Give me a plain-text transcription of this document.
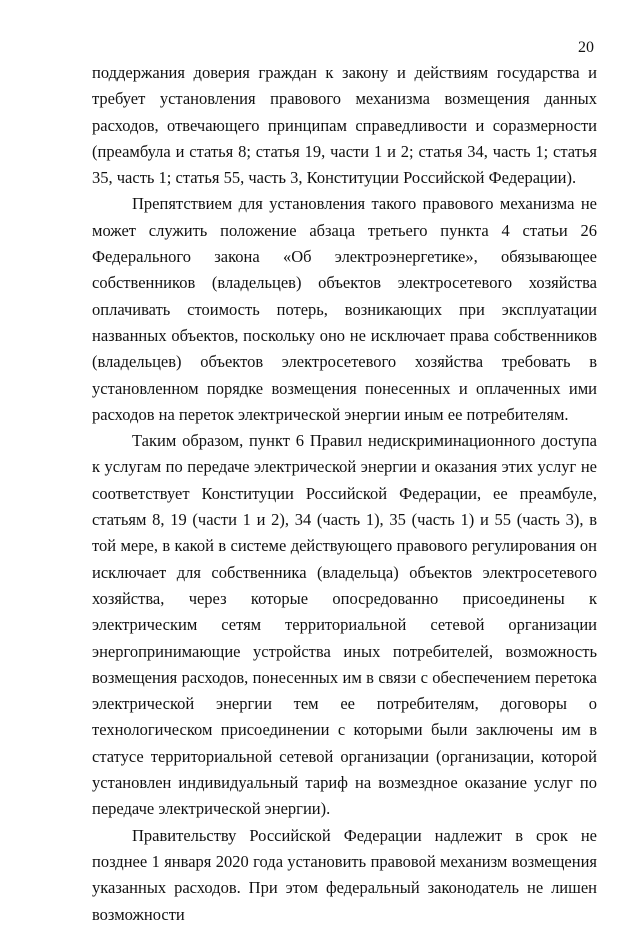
20

поддержания доверия граждан к закону и действиям государства и требует установления правового механизма возмещения данных расходов, отвечающего принципам справедливости и соразмерности (преамбула и статья 8; статья 19, части 1 и 2; статья 34, часть 1; статья 35, часть 1; статья 55, часть 3, Конституции Российской Федерации).

Препятствием для установления такого правового механизма не может служить положение абзаца третьего пункта 4 статьи 26 Федерального закона «Об электроэнергетике», обязывающее собственников (владельцев) объектов электросетевого хозяйства оплачивать стоимость потерь, возникающих при эксплуатации названных объектов, поскольку оно не исключает права собственников (владельцев) объектов электросетевого хозяйства требовать в установленном порядке возмещения понесенных и оплаченных ими расходов на переток электрической энергии иным ее потребителям.

Таким образом, пункт 6 Правил недискриминационного доступа к услугам по передаче электрической энергии и оказания этих услуг не соответствует Конституции Российской Федерации, ее преамбуле, статьям 8, 19 (части 1 и 2), 34 (часть 1), 35 (часть 1) и 55 (часть 3), в той мере, в какой в системе действующего правового регулирования он исключает для собственника (владельца) объектов электросетевого хозяйства, через которые опосредованно присоединены к электрическим сетям территориальной сетевой организации энергопринимающие устройства иных потребителей, возможность возмещения расходов, понесенных им в связи с обеспечением перетока электрической энергии тем ее потребителям, договоры о технологическом присоединении с которыми были заключены им в статусе территориальной сетевой организации (организации, которой установлен индивидуальный тариф на возмездное оказание услуг по передаче электрической энергии).

Правительству Российской Федерации надлежит в срок не позднее 1 января 2020 года установить правовой механизм возмещения указанных расходов. При этом федеральный законодатель не лишен возможности
